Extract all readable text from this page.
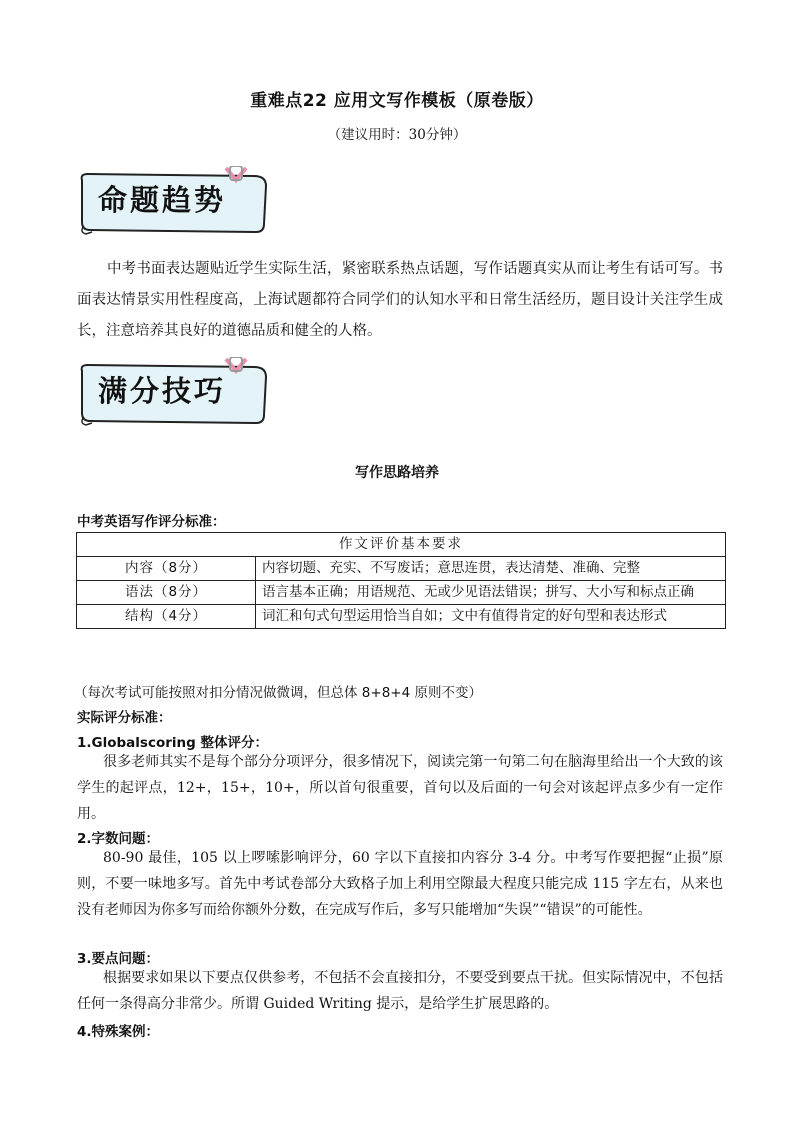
重难点22 应用文写作模板（原卷版）
（建议用时：30分钟）
命题趋势
中考书面表达题贴近学生实际生活，紧密联系热点话题，写作话题真实从而让考生有话可写。书面表达情景实用性程度高，上海试题都符合同学们的认知水平和日常生活经历，题目设计关注学生成长，注意培养其良好的道德品质和健全的人格。
满分技巧
写作思路培养
中考英语写作评分标准：
作文评价基本要求	
内容（8分）	内容切题、充实、不写废话；意思连贯，表达清楚、准确、完整
语法（8分）	语言基本正确；用语规范、无或少见语法错误；拼写、大小写和标点正确
结构（4分）	词汇和句式句型运用恰当自如；文中有值得肯定的好句型和表达形式
（每次考试可能按照对扣分情况做微调，但总体 8+8+4 原则不变）
实际评分标准：
1.Globalscoring 整体评分：
很多老师其实不是每个部分分项评分，很多情况下，阅读完第一句第二句在脑海里给出一个大致的该学生的起评点，12+，15+，10+，所以首句很重要，首句以及后面的一句会对该起评点多少有一定作用。
2.字数问题：
80-90 最佳，105 以上啰嗦影响评分，60 字以下直接扣内容分 3-4 分。中考写作要把握“止损”原则，不要一味地多写。首先中考试卷部分大致格子加上利用空隙最大程度只能完成 115 字左右，从来也没有老师因为你多写而给你额外分数，在完成写作后，多写只能增加“失误”“错误”的可能性。
3.要点问题：
根据要求如果以下要点仅供参考，不包括不会直接扣分，不要受到要点干扰。但实际情况中，不包括任何一条得高分非常少。所谓 Guided Writing 提示，是给学生扩展思路的。
4.特殊案例：
